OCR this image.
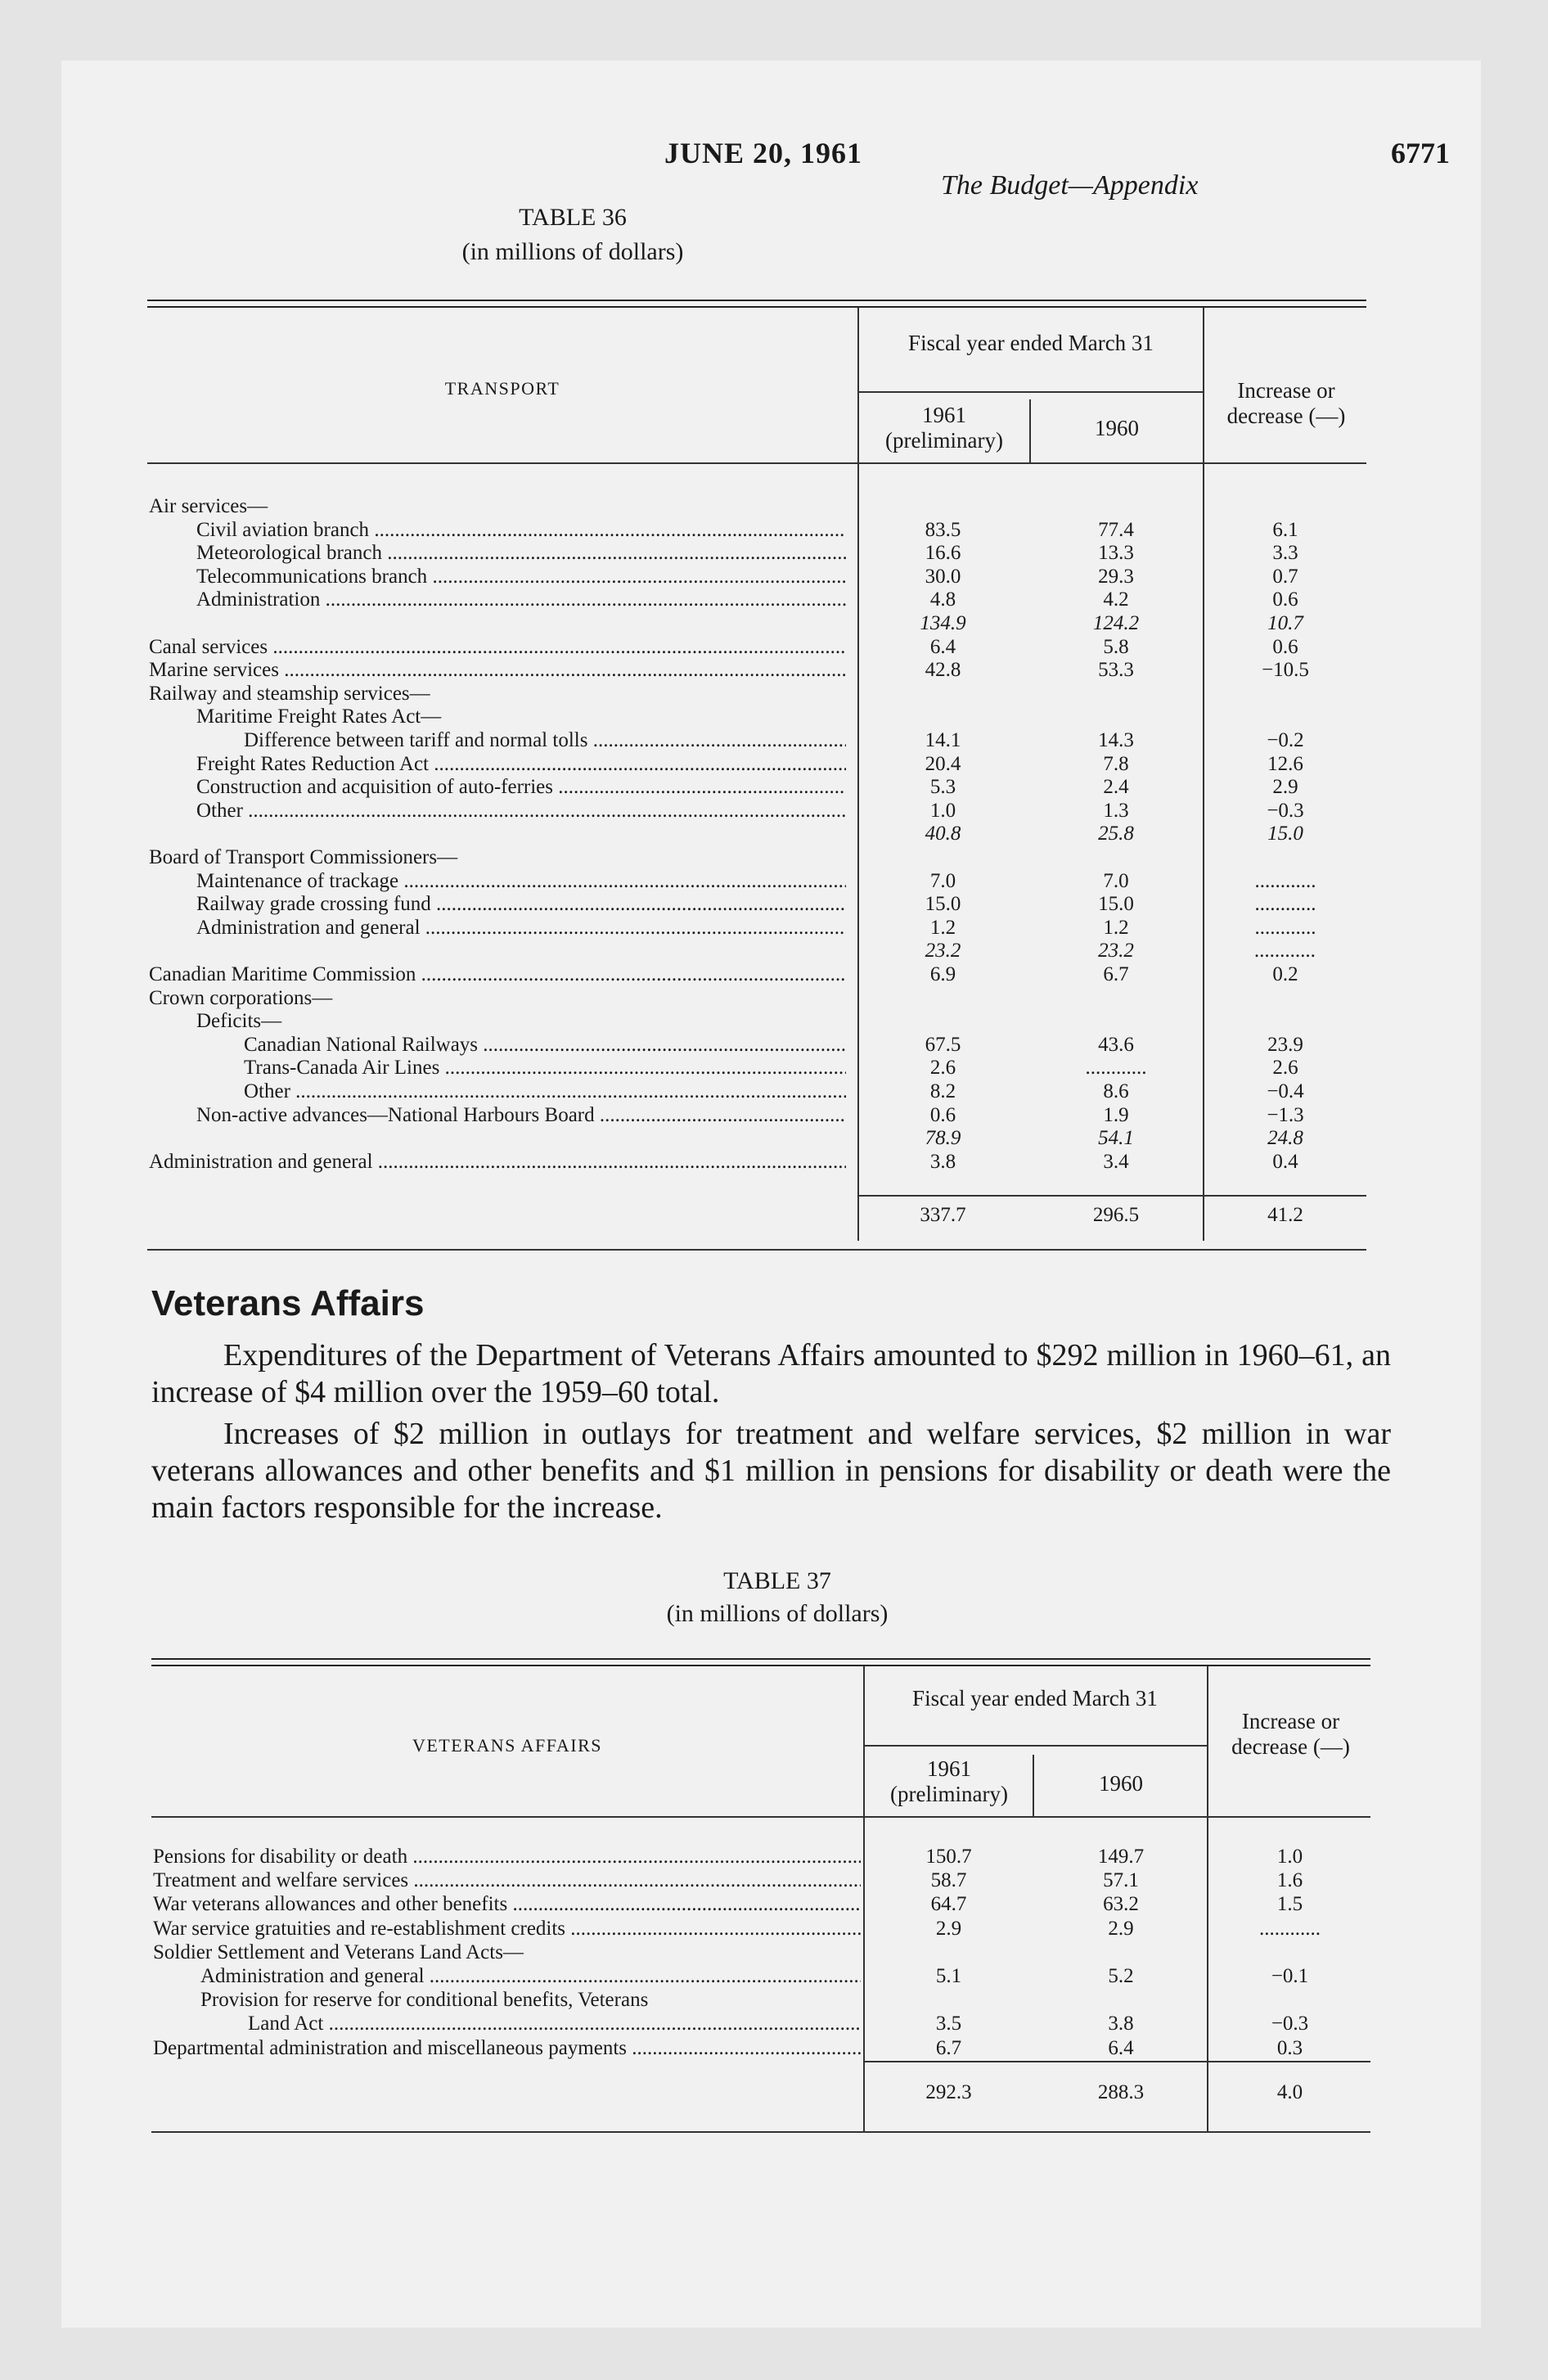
JUNE 20, 1961	6771
The Budget—Appendix
TABLE 36
(in millions of dollars)
TRANSPORT
Fiscal year ended March 31
1961 (preliminary)
1960
Increase or decrease (—)
Air services—
Civil aviation branch .....	83.5	77.4	6.1
Meteorological branch .....	16.6	13.3	3.3
Telecommunications branch .....	30.0	29.3	0.7
Administration .....	4.8	4.2	0.6
134.9	124.2	10.7
Canal services .....	6.4	5.8	0.6
Marine services .....	42.8	53.3	−10.5
Railway and steamship services—
Maritime Freight Rates Act—
Difference between tariff and normal tolls .....	14.1	14.3	−0.2
Freight Rates Reduction Act .....	20.4	7.8	12.6
Construction and acquisition of auto-ferries .....	5.3	2.4	2.9
Other .....	1.0	1.3	−0.3
40.8	25.8	15.0
Board of Transport Commissioners—
Maintenance of trackage .....	7.0	7.0	............
Railway grade crossing fund .....	15.0	15.0	............
Administration and general .....	1.2	1.2	............
23.2	23.2	............
Canadian Maritime Commission .....	6.9	6.7	0.2
Crown corporations—
Deficits—
Canadian National Railways .....	67.5	43.6	23.9
Trans-Canada Air Lines .....	2.6	............	2.6
Other .....	8.2	8.6	−0.4
Non-active advances—National Harbours Board .....	0.6	1.9	−1.3
78.9	54.1	24.8
Administration and general .....	3.8	3.4	0.4
337.7	296.5	41.2
Veterans Affairs
Expenditures of the Department of Veterans Affairs amounted to $292 million in 1960–61, an increase of $4 million over the 1959–60 total.
Increases of $2 million in outlays for treatment and welfare services, $2 million in war veterans allowances and other benefits and $1 million in pensions for disability or death were the main factors responsible for the increase.
TABLE 37
(in millions of dollars)
VETERANS AFFAIRS
Fiscal year ended March 31
1961 (preliminary)	1960
Increase or decrease (—)
Pensions for disability or death .....	150.7	149.7	1.0
Treatment and welfare services .....	58.7	57.1	1.6
War veterans allowances and other benefits .....	64.7	63.2	1.5
War service gratuities and re-establishment credits .....	2.9	2.9	............
Soldier Settlement and Veterans Land Acts—
Administration and general .....	5.1	5.2	−0.1
Provision for reserve for conditional benefits, Veterans
Land Act .....	3.5	3.8	−0.3
Departmental administration and miscellaneous payments .....	6.7	6.4	0.3
292.3	288.3	4.0
